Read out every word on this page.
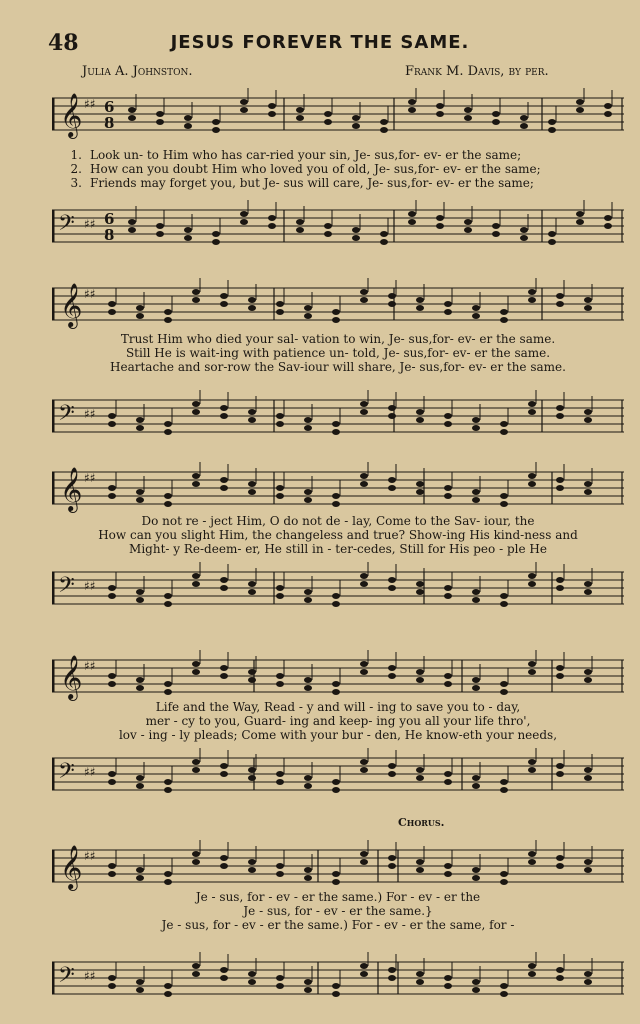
48	JESUS FOREVER THE SAME.
Julia A. Johnston.	Frank M. Davis, by per.
𝄞 ♯♯ 6
8
1. Look un- to Him who has car-ried your sin, Je- sus,for- ev- er the same;
2. How can you doubt Him who loved you of old, Je- sus,for- ev- er the same;
3. Friends may forget you, but Je- sus will care, Je- sus,for- ev- er the same;
𝄢 ♯♯ 6
8
𝄞 ♯♯
Trust Him who died your sal- vation to win, Je- sus,for- ev- er the same.
Still He is wait-ing with patience un- told, Je- sus,for- ev- er the same.
Heartache and sor-row the Sav-iour will share, Je- sus,for- ev- er the same.
𝄢 ♯♯
𝄞 ♯♯
Do not re - ject Him, O do not de - lay, Come to the Sav- iour, the
How can you slight Him, the changeless and true? Show-ing His kind-ness and
Might- y Re-deem- er, He still in - ter-cedes, Still for His peo - ple He
𝄢 ♯♯
𝄞 ♯♯
Life and the Way, Read - y and will - ing to save you to - day,
mer - cy to you, Guard- ing and keep- ing you all your life thro',
lov - ing - ly pleads; Come with your bur - den, He know-eth your needs,
𝄢 ♯♯
𝄞 ♯♯
Je - sus, for - ev - er the same.) For - ev - er the
Je - sus, for - ev - er the same.}
Je - sus, for - ev - er the same.) For - ev - er the same, for -
𝄢 ♯♯
Chorus.
